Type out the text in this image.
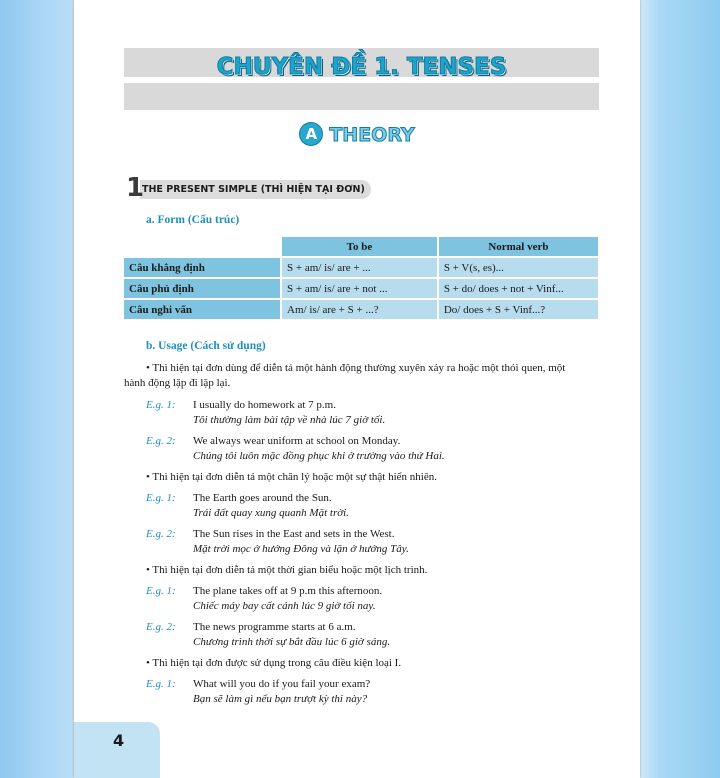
CHUYÊN ĐỀ 1. TENSES
A THEORY
THE PRESENT SIMPLE (THÌ HIỆN TẠI ĐƠN)
1
a. Form (Cấu trúc)
	To be	Normal verb
Câu khẳng định	S + am/ is/ are + ...	S + V(s, es)...
Câu phủ định	S + am/ is/ are + not ...	S + do/ does + not + Vinf...
Câu nghi vấn	Am/ is/ are + S + ...?	Do/ does + S + Vinf...?
b. Usage (Cách sử dụng)
• Thì hiện tại đơn dùng để diễn tả một hành động thường xuyên xảy ra hoặc một thói quen, một
hành động lặp đi lặp lại.
E.g. 1: I usually do homework at 7 p.m.
Tôi thường làm bài tập về nhà lúc 7 giờ tối.
E.g. 2: We always wear uniform at school on Monday.
Chúng tôi luôn mặc đồng phục khi ở trường vào thứ Hai.
• Thì hiện tại đơn diễn tả một chân lý hoặc một sự thật hiển nhiên.
E.g. 1: The Earth goes around the Sun.
Trái đất quay xung quanh Mặt trời.
E.g. 2: The Sun rises in the East and sets in the West.
Mặt trời mọc ở hướng Đông và lặn ở hướng Tây.
• Thì hiện tại đơn diễn tả một thời gian biểu hoặc một lịch trình.
E.g. 1: The plane takes off at 9 p.m this afternoon.
Chiếc máy bay cất cánh lúc 9 giờ tối nay.
E.g. 2: The news programme starts at 6 a.m.
Chương trình thời sự bắt đầu lúc 6 giờ sáng.
• Thì hiện tại đơn được sử dụng trong câu điều kiện loại I.
E.g. 1: What will you do if you fail your exam?
Bạn sẽ làm gì nếu bạn trượt kỳ thi này?
4
